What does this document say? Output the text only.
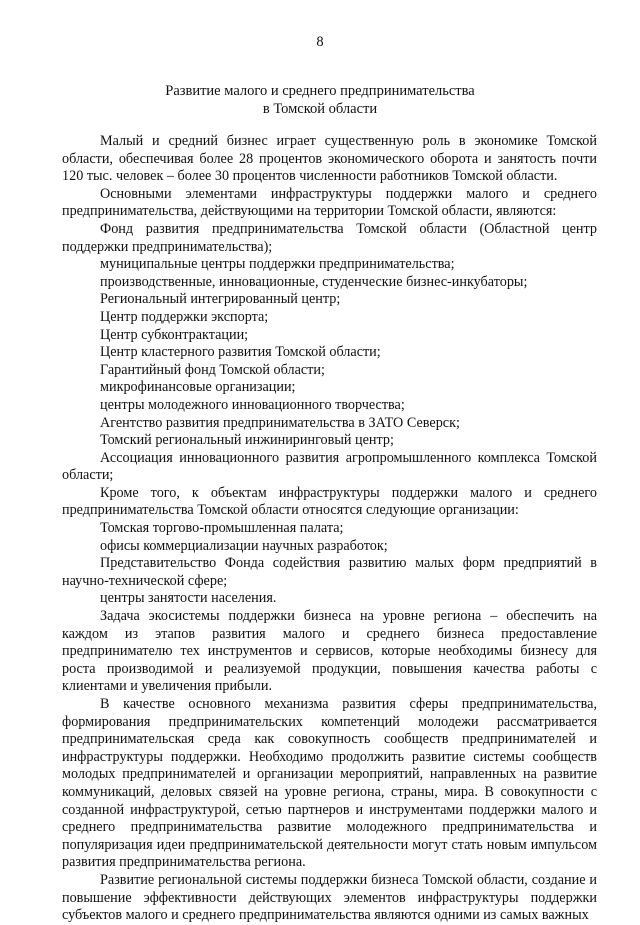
8
Развитие малого и среднего предпринимательства
в Томской области

Малый и средний бизнес играет существенную роль в экономике Томской области, обеспечивая более 28 процентов экономического оборота и занятость почти 120 тыс. человек – более 30 процентов численности работников Томской области.

Основными элементами инфраструктуры поддержки малого и среднего предпринимательства, действующими на территории Томской области, являются:

Фонд развития предпринимательства Томской области (Областной центр поддержки предпринимательства);

муниципальные центры поддержки предпринимательства;

производственные, инновационные, студенческие бизнес-инкубаторы;

Региональный интегрированный центр;

Центр поддержки экспорта;

Центр субконтрактации;

Центр кластерного развития Томской области;

Гарантийный фонд Томской области;

микрофинансовые организации;

центры молодежного инновационного творчества;

Агентство развития предпринимательства в ЗАТО Северск;

Томский региональный инжиниринговый центр;

Ассоциация инновационного развития агропромышленного комплекса Томской области;

Кроме того, к объектам инфраструктуры поддержки малого и среднего предпринимательства Томской области относятся следующие организации:

Томская торгово-промышленная палата;

офисы коммерциализации научных разработок;

Представительство Фонда содействия развитию малых форм предприятий в научно-технической сфере;

центры занятости населения.

Задача экосистемы поддержки бизнеса на уровне региона – обеспечить на каждом из этапов развития малого и среднего бизнеса предоставление предпринимателю тех инструментов и сервисов, которые необходимы бизнесу для роста производимой и реализуемой продукции, повышения качества работы с клиентами и увеличения прибыли.

В качестве основного механизма развития сферы предпринимательства, формирования предпринимательских компетенций молодежи рассматривается предпринимательская среда как совокупность сообществ предпринимателей и инфраструктуры поддержки. Необходимо продолжить развитие системы сообществ молодых предпринимателей и организации мероприятий, направленных на развитие коммуникаций, деловых связей на уровне региона, страны, мира. В совокупности с созданной инфраструктурой, сетью партнеров и инструментами поддержки малого и среднего предпринимательства развитие молодежного предпринимательства и популяризация идеи предпринимательской деятельности могут стать новым импульсом развития предпринимательства региона.

Развитие региональной системы поддержки бизнеса Томской области, создание и повышение эффективности действующих элементов инфраструктуры поддержки субъектов малого и среднего предпринимательства являются одними из самых важных
